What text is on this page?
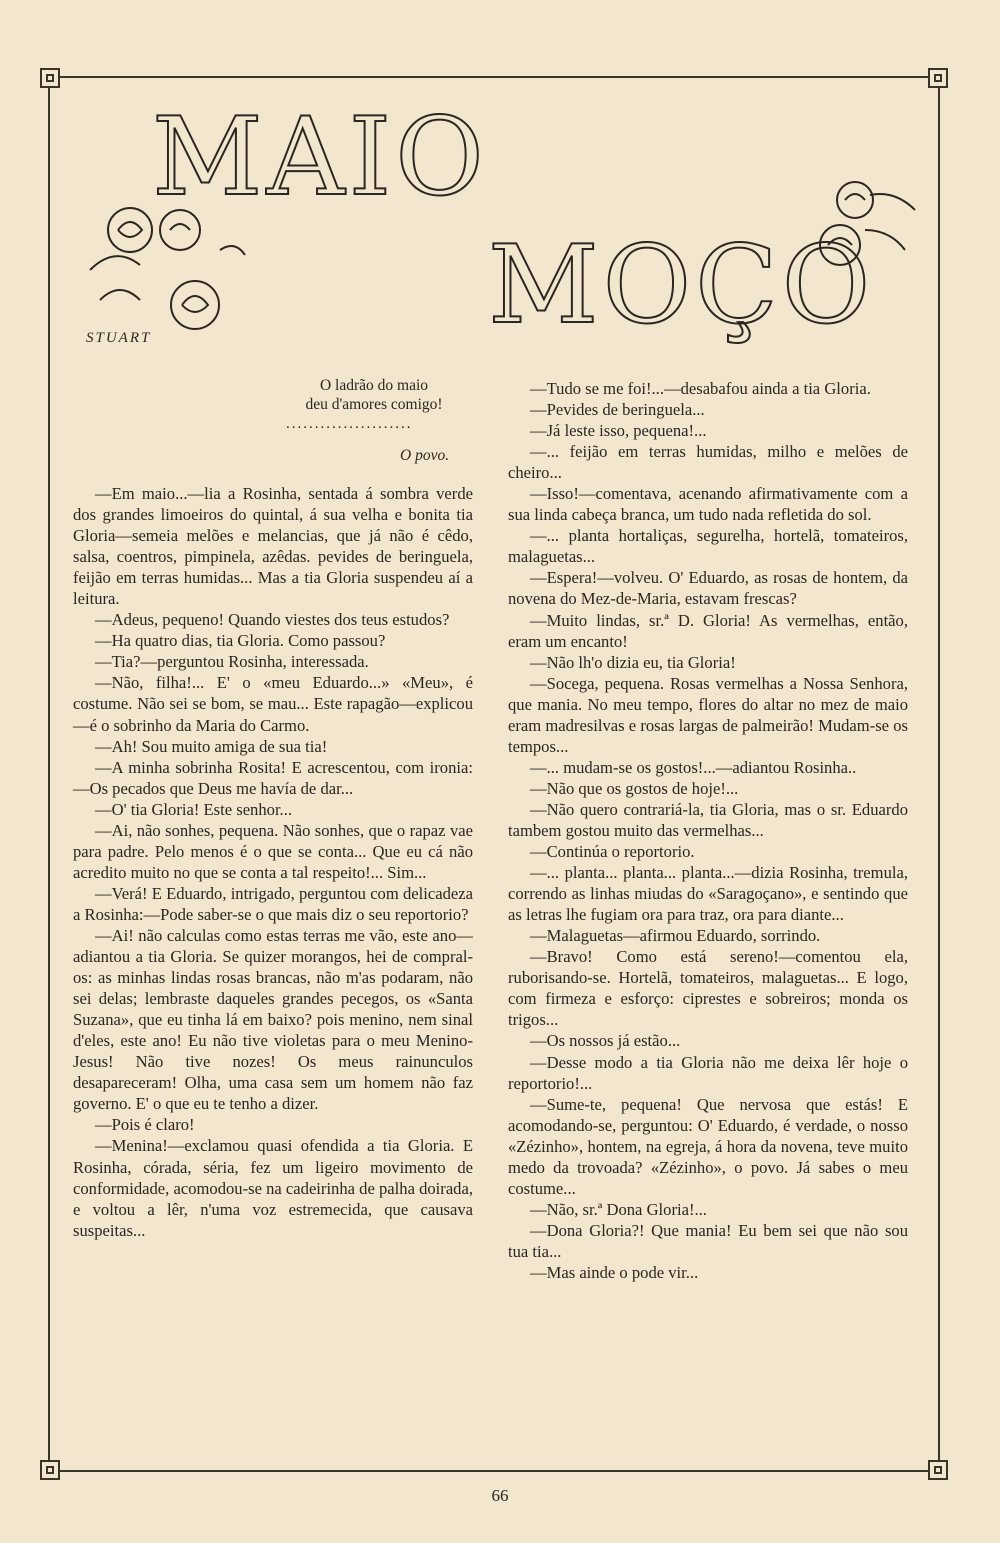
MAIO
MOÇO
STUART
O ladrão do maio
deu d'amores comigo!
......................
O povo.

—Em maio...—lia a Rosinha, sentada á sombra verde dos grandes limoeiros do quintal, á sua velha e bonita tia Gloria—semeia melões e melancias, que já não é cêdo, salsa, coentros, pimpinela, azêdas. pevides de beringuela, feijão em terras humidas... Mas a tia Gloria suspendeu aí a leitura.

—Adeus, pequeno! Quando viestes dos teus estudos?

—Ha quatro dias, tia Gloria. Como passou?

—Tia?—perguntou Rosinha, interessada.

—Não, filha!... E' o «meu Eduardo...» «Meu», é costume. Não sei se bom, se mau... Este rapagão—explicou—é o sobrinho da Maria do Carmo.

—Ah! Sou muito amiga de sua tia!

—A minha sobrinha Rosita! E acrescentou, com ironia:—Os pecados que Deus me havía de dar...

—O' tia Gloria! Este senhor...

—Ai, não sonhes, pequena. Não sonhes, que o rapaz vae para padre. Pelo menos é o que se conta... Que eu cá não acredito muito no que se conta a tal respeito!... Sim...

—Verá! E Eduardo, intrigado, perguntou com delicadeza a Rosinha:—Pode saber-se o que mais diz o seu reportorio?

—Ai! não calculas como estas terras me vão, este ano—adiantou a tia Gloria. Se quizer morangos, hei de compral-os: as minhas lindas rosas brancas, não m'as podaram, não sei delas; lembraste daqueles grandes pecegos, os «Santa Suzana», que eu tinha lá em baixo? pois menino, nem sinal d'eles, este ano! Eu não tive violetas para o meu Menino-Jesus! Não tive nozes! Os meus rainunculos desapareceram! Olha, uma casa sem um homem não faz governo. E' o que eu te tenho a dizer.

—Pois é claro!

—Menina!—exclamou quasi ofendida a tia Gloria. E Rosinha, córada, séria, fez um ligeiro movimento de conformidade, acomodou-se na cadeirinha de palha doirada, e voltou a lêr, n'uma voz estremecida, que causava suspeitas...

—Tudo se me foi!...—desabafou ainda a tia Gloria.

—Pevides de beringuela...

—Já leste isso, pequena!...

—... feijão em terras humidas, milho e melões de cheiro...

—Isso!—comentava, acenando afirmativamente com a sua linda cabeça branca, um tudo nada refletida do sol.

—... planta hortaliças, segurelha, hortelã, tomateiros, malaguetas...

—Espera!—volveu. O' Eduardo, as rosas de hontem, da novena do Mez-de-Maria, estavam frescas?

—Muito lindas, sr.ª D. Gloria! As vermelhas, então, eram um encanto!

—Não lh'o dizia eu, tia Gloria!

—Socega, pequena. Rosas vermelhas a Nossa Senhora, que mania. No meu tempo, flores do altar no mez de maio eram madresilvas e rosas largas de palmeirão! Mudam-se os tempos...

—... mudam-se os gostos!...—adiantou Rosinha..

—Não que os gostos de hoje!...

—Não quero contrariá-la, tia Gloria, mas o sr. Eduardo tambem gostou muito das vermelhas...

—Continúa o reportorio.

—... planta... planta... planta...—dizia Rosinha, tremula, correndo as linhas miudas do «Saragoçano», e sentindo que as letras lhe fugiam ora para traz, ora para diante...

—Malaguetas—afirmou Eduardo, sorrindo.

—Bravo! Como está sereno!—comentou ela, ruborisando-se. Hortelã, tomateiros, malaguetas... E logo, com firmeza e esforço: ciprestes e sobreiros; monda os trigos...

—Os nossos já estão...

—Desse modo a tia Gloria não me deixa lêr hoje o reportorio!...

—Sume-te, pequena! Que nervosa que estás! E acomodando-se, perguntou: O' Eduardo, é verdade, o nosso «Zézinho», hontem, na egreja, á hora da novena, teve muito medo da trovoada? «Zézinho», o povo. Já sabes o meu costume...

—Não, sr.ª Dona Gloria!...

—Dona Gloria?! Que mania! Eu bem sei que não sou tua tia...

—Mas ainde o pode vir...

66
